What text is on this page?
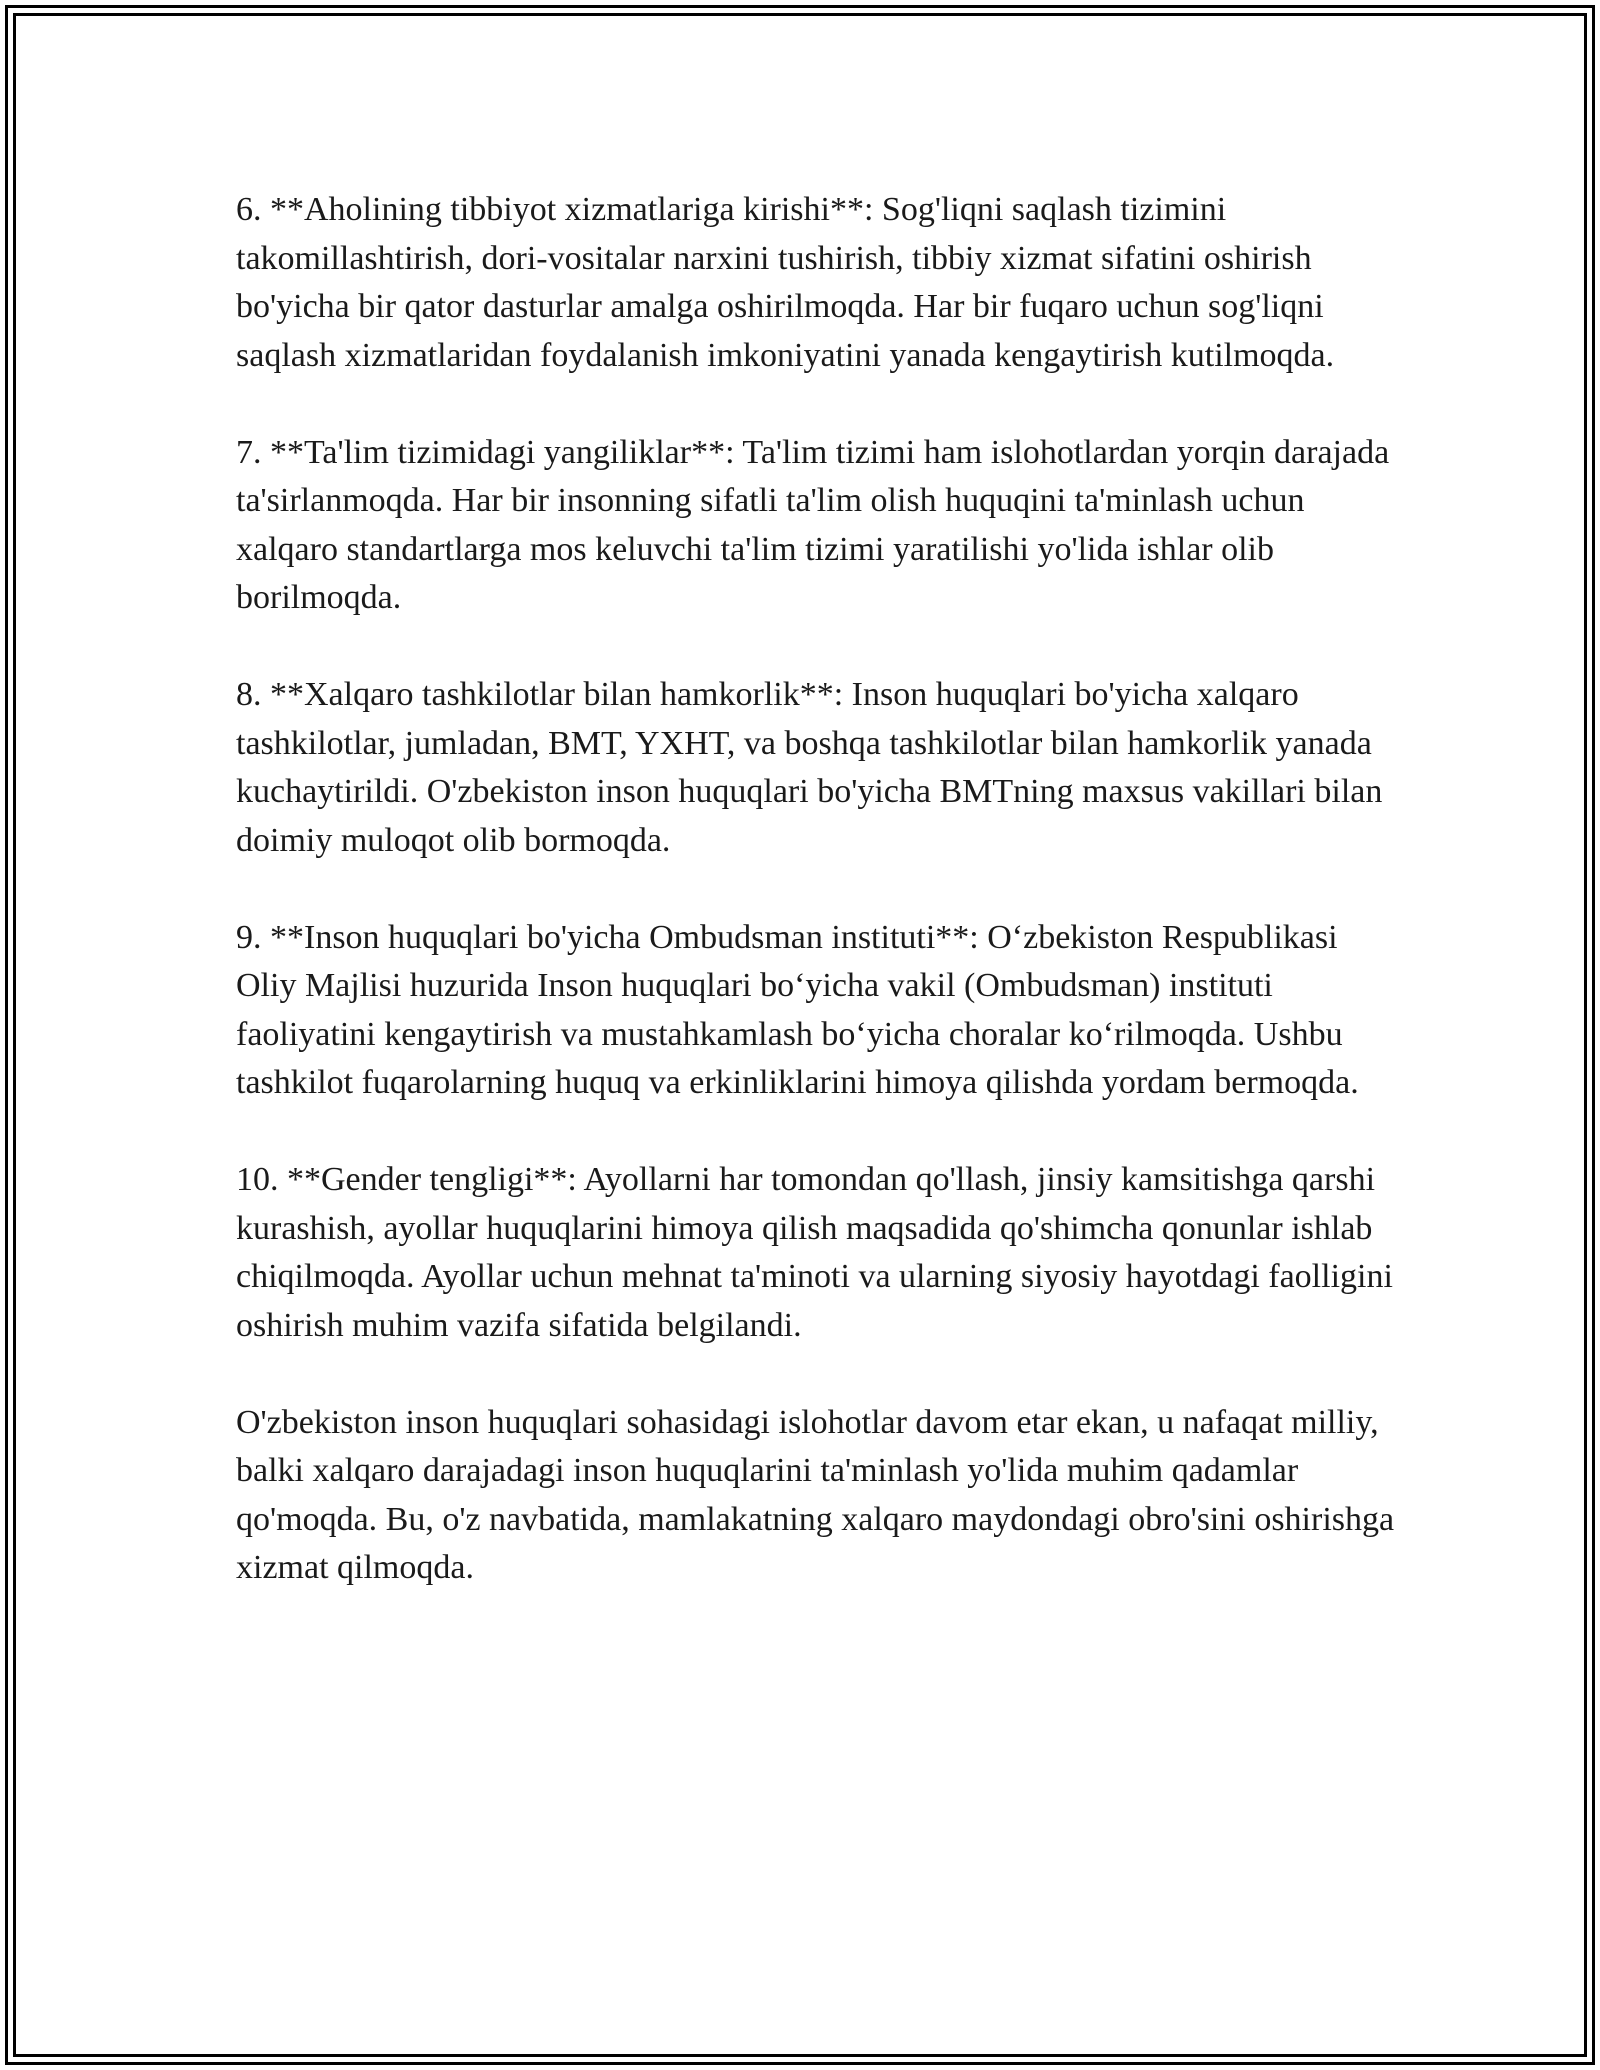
6. **Aholining tibbiyot xizmatlariga kirishi**: Sog'liqni saqlash tizimini takomillashtirish, dori-vositalar narxini tushirish, tibbiy xizmat sifatini oshirish bo'yicha bir qator dasturlar amalga oshirilmoqda. Har bir fuqaro uchun sog'liqni saqlash xizmatlaridan foydalanish imkoniyatini yanada kengaytirish kutilmoqda.

7. **Ta'lim tizimidagi yangiliklar**: Ta'lim tizimi ham islohotlardan yorqin darajada ta'sirlanmoqda. Har bir insonning sifatli ta'lim olish huquqini ta'minlash uchun xalqaro standartlarga mos keluvchi ta'lim tizimi yaratilishi yo'lida ishlar olib borilmoqda.

8. **Xalqaro tashkilotlar bilan hamkorlik**: Inson huquqlari bo'yicha xalqaro tashkilotlar, jumladan, BMT, YXHT, va boshqa tashkilotlar bilan hamkorlik yanada kuchaytirildi. O'zbekiston inson huquqlari bo'yicha BMTning maxsus vakillari bilan doimiy muloqot olib bormoqda.

9. **Inson huquqlari bo'yicha Ombudsman instituti**: O‘zbekiston Respublikasi Oliy Majlisi huzurida Inson huquqlari bo‘yicha vakil (Ombudsman) instituti faoliyatini kengaytirish va mustahkamlash bo‘yicha choralar ko‘rilmoqda. Ushbu tashkilot fuqarolarning huquq va erkinliklarini himoya qilishda yordam bermoqda.

10. **Gender tengligi**: Ayollarni har tomondan qo'llash, jinsiy kamsitishga qarshi kurashish, ayollar huquqlarini himoya qilish maqsadida qo'shimcha qonunlar ishlab chiqilmoqda. Ayollar uchun mehnat ta'minoti va ularning siyosiy hayotdagi faolligini oshirish muhim vazifa sifatida belgilandi.

O'zbekiston inson huquqlari sohasidagi islohotlar davom etar ekan, u nafaqat milliy, balki xalqaro darajadagi inson huquqlarini ta'minlash yo'lida muhim qadamlar qo'moqda. Bu, o'z navbatida, mamlakatning xalqaro maydondagi obro'sini oshirishga xizmat qilmoqda.
